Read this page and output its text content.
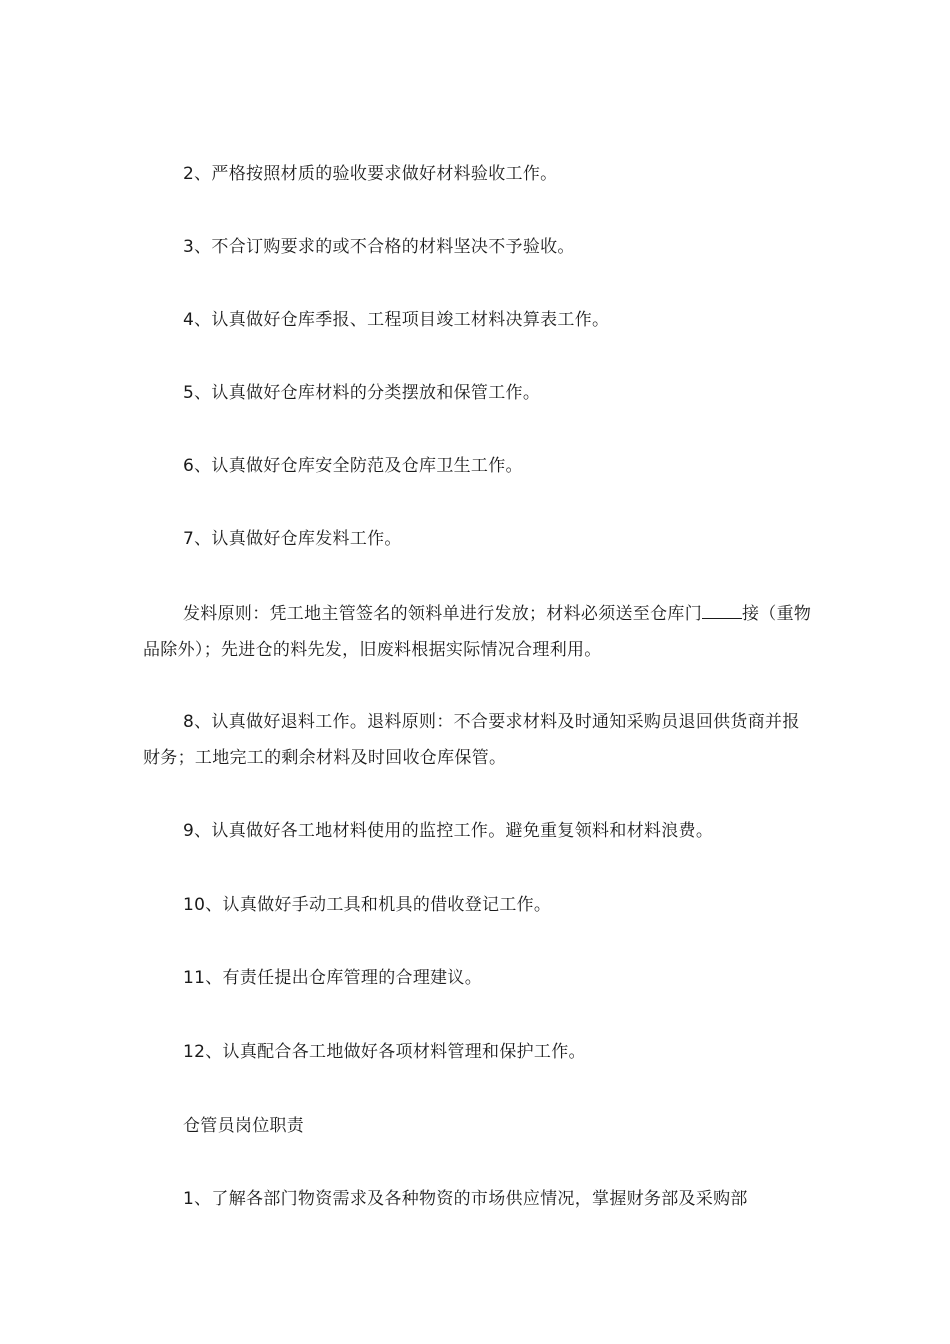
2、严格按照材质的验收要求做好材料验收工作。

3、不合订购要求的或不合格的材料坚决不予验收。

4、认真做好仓库季报、工程项目竣工材料决算表工作。

5、认真做好仓库材料的分类摆放和保管工作。

6、认真做好仓库安全防范及仓库卫生工作。

7、认真做好仓库发料工作。

发料原则：凭工地主管签名的领料单进行发放；材料必须送至仓库门 接（重物品除外）；先进仓的料先发，旧废料根据实际情况合理利用。

8、认真做好退料工作。退料原则：不合要求材料及时通知采购员退回供货商并报财务；工地完工的剩余材料及时回收仓库保管。

9、认真做好各工地材料使用的监控工作。避免重复领料和材料浪费。

10、认真做好手动工具和机具的借收登记工作。

11、有责任提出仓库管理的合理建议。

12、认真配合各工地做好各项材料管理和保护工作。

仓管员岗位职责

1、了解各部门物资需求及各种物资的市场供应情况，掌握财务部及采购部
